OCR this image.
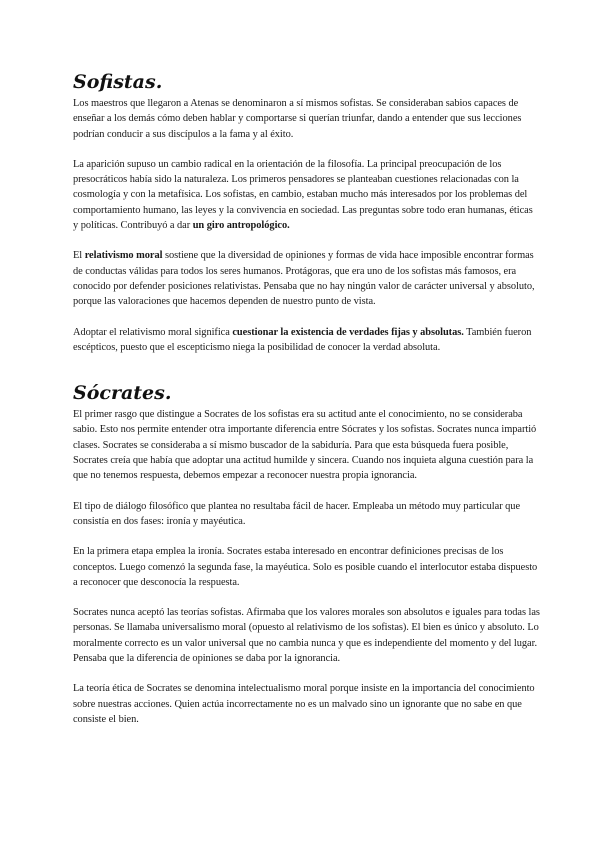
Sofistas.

Los maestros que llegaron a Atenas se denominaron a sí mismos sofistas. Se consideraban sabios capaces de enseñar a los demás cómo deben hablar y comportarse si querían triunfar, dando a entender que sus lecciones podrían conducir a sus discípulos a la fama y al éxito.

La aparición supuso un cambio radical en la orientación de la filosofía. La principal preocupación de los presocráticos había sido la naturaleza. Los primeros pensadores se planteaban cuestiones relacionadas con la cosmología y con la metafísica. Los sofistas, en cambio, estaban mucho más interesados por los problemas del comportamiento humano, las leyes y la convivencia en sociedad. Las preguntas sobre todo eran humanas, éticas y políticas. Contribuyó a dar un giro antropológico.

El relativismo moral sostiene que la diversidad de opiniones y formas de vida hace imposible encontrar formas de conductas válidas para todos los seres humanos. Protágoras, que era uno de los sofistas más famosos, era conocido por defender posiciones relativistas. Pensaba que no hay ningún valor de carácter universal y absoluto, porque las valoraciones que hacemos dependen de nuestro punto de vista.

Adoptar el relativismo moral significa cuestionar la existencia de verdades fijas y absolutas. También fueron escépticos, puesto que el escepticismo niega la posibilidad de conocer la verdad absoluta.

Sócrates.

El primer rasgo que distingue a Socrates de los sofistas era su actitud ante el conocimiento, no se consideraba sabio. Esto nos permite entender otra importante diferencia entre Sócrates y los sofistas. Socrates nunca impartió clases. Socrates se consideraba a sí mismo buscador de la sabiduría. Para que esta búsqueda fuera posible, Socrates creía que había que adoptar una actitud humilde y sincera. Cuando nos inquieta alguna cuestión para la que no tenemos respuesta, debemos empezar a reconocer nuestra propia ignorancia.

El tipo de diálogo filosófico que plantea no resultaba fácil de hacer. Empleaba un método muy particular que consistía en dos fases: ironía y mayéutica.

En la primera etapa emplea la ironía. Socrates estaba interesado en encontrar definiciones precisas de los conceptos. Luego comenzó la segunda fase, la mayéutica. Solo es posible cuando el interlocutor estaba dispuesto a reconocer que desconocía la respuesta.

Socrates nunca aceptó las teorías sofistas. Afirmaba que los valores morales son absolutos e iguales para todas las personas. Se llamaba universalismo moral (opuesto al relativismo de los sofistas). El bien es único y absoluto. Lo moralmente correcto es un valor universal que no cambia nunca y que es independiente del momento y del lugar. Pensaba que la diferencia de opiniones se daba por la ignorancia.

La teoría ética de Socrates se denomina intelectualismo moral porque insiste en la importancia del conocimiento sobre nuestras acciones. Quien actúa incorrectamente no es un malvado sino un ignorante que no sabe en que consiste el bien.
